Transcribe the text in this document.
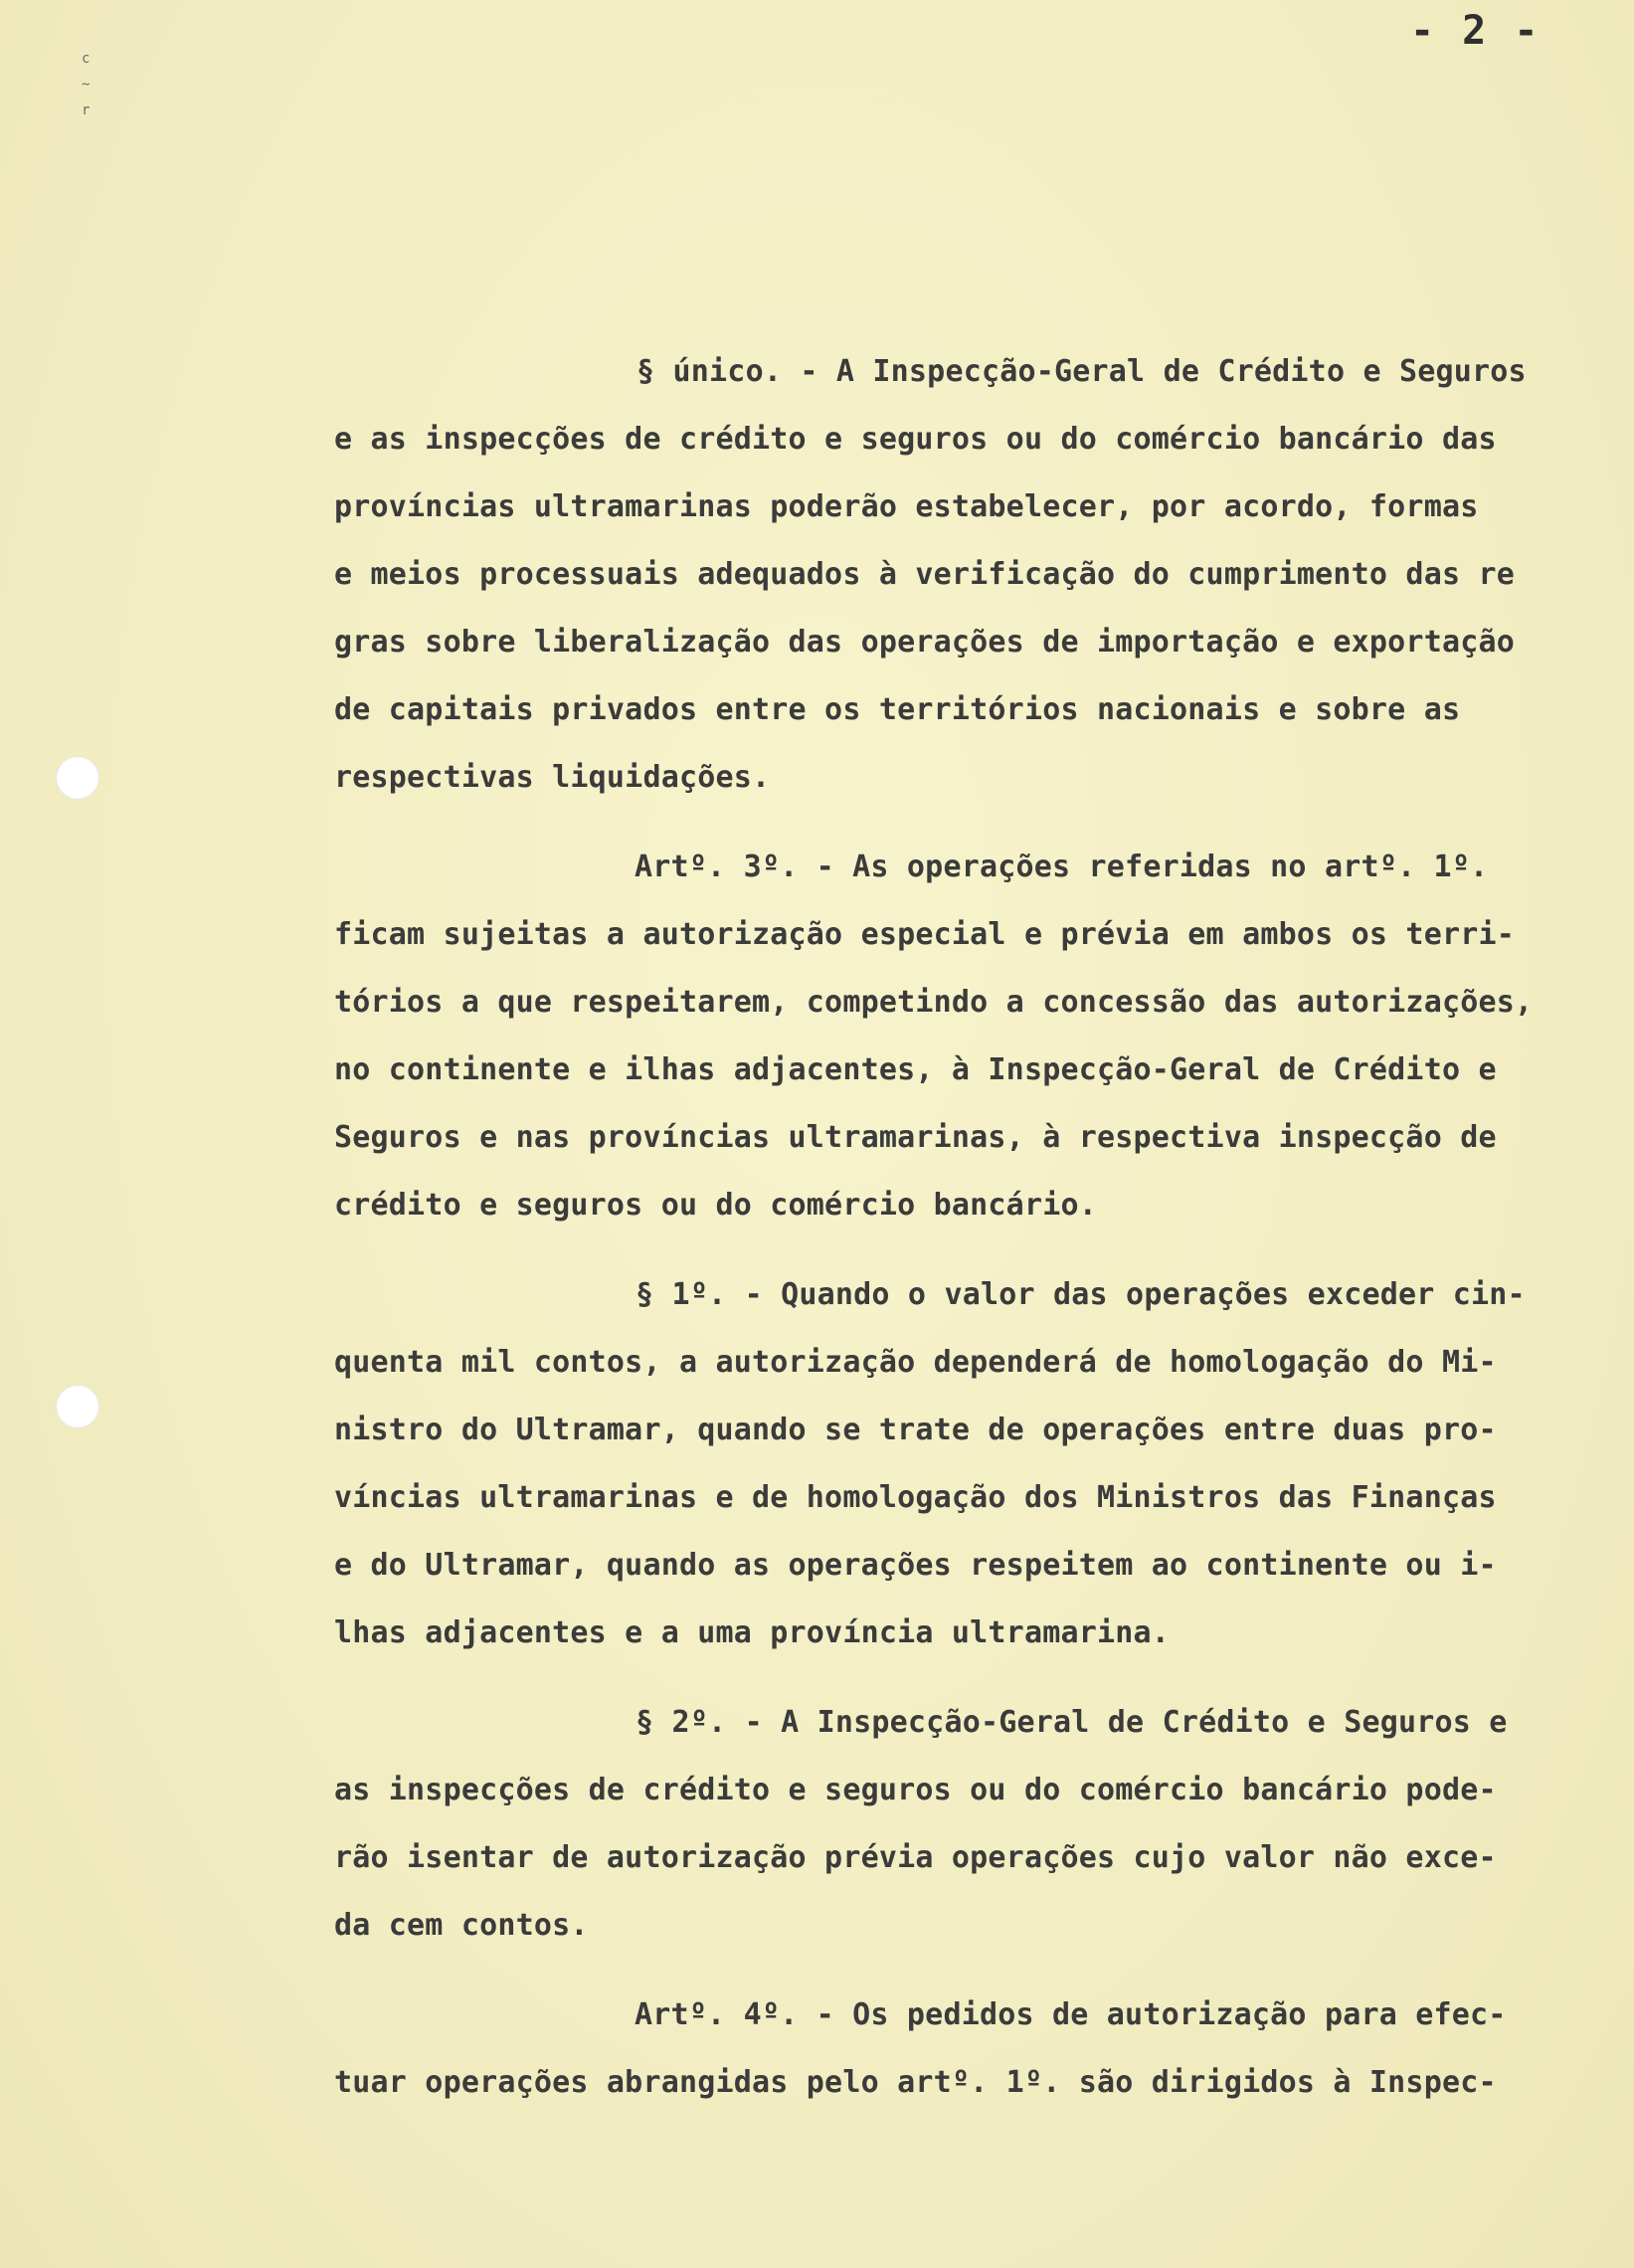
- 2 -
c
~
r
§ único. - A Inspecção-Geral de Crédito e Seguros
e as inspecções de crédito e seguros ou do comércio bancário das
províncias ultramarinas poderão estabelecer, por acordo, formas
e meios processuais adequados à verificação do cumprimento das re
gras sobre liberalização das operações de importação e exportação
de capitais privados entre os territórios nacionais e sobre as
respectivas liquidações.
Artº. 3º. - As operações referidas no artº. 1º.
ficam sujeitas a autorização especial e prévia em ambos os terri-
tórios a que respeitarem, competindo a concessão das autorizações,
no continente e ilhas adjacentes, à Inspecção-Geral de Crédito e
Seguros e nas províncias ultramarinas, à respectiva inspecção de
crédito e seguros ou do comércio bancário.
§ 1º. - Quando o valor das operações exceder cin-
quenta mil contos, a autorização dependerá de homologação do Mi-
nistro do Ultramar, quando se trate de operações entre duas pro-
víncias ultramarinas e de homologação dos Ministros das Finanças
e do Ultramar, quando as operações respeitem ao continente ou i-
lhas adjacentes e a uma província ultramarina.
§ 2º. - A Inspecção-Geral de Crédito e Seguros e
as inspecções de crédito e seguros ou do comércio bancário pode-
rão isentar de autorização prévia operações cujo valor não exce-
da cem contos.
Artº. 4º. - Os pedidos de autorização para efec-
tuar operações abrangidas pelo artº. 1º. são dirigidos à Inspec-
